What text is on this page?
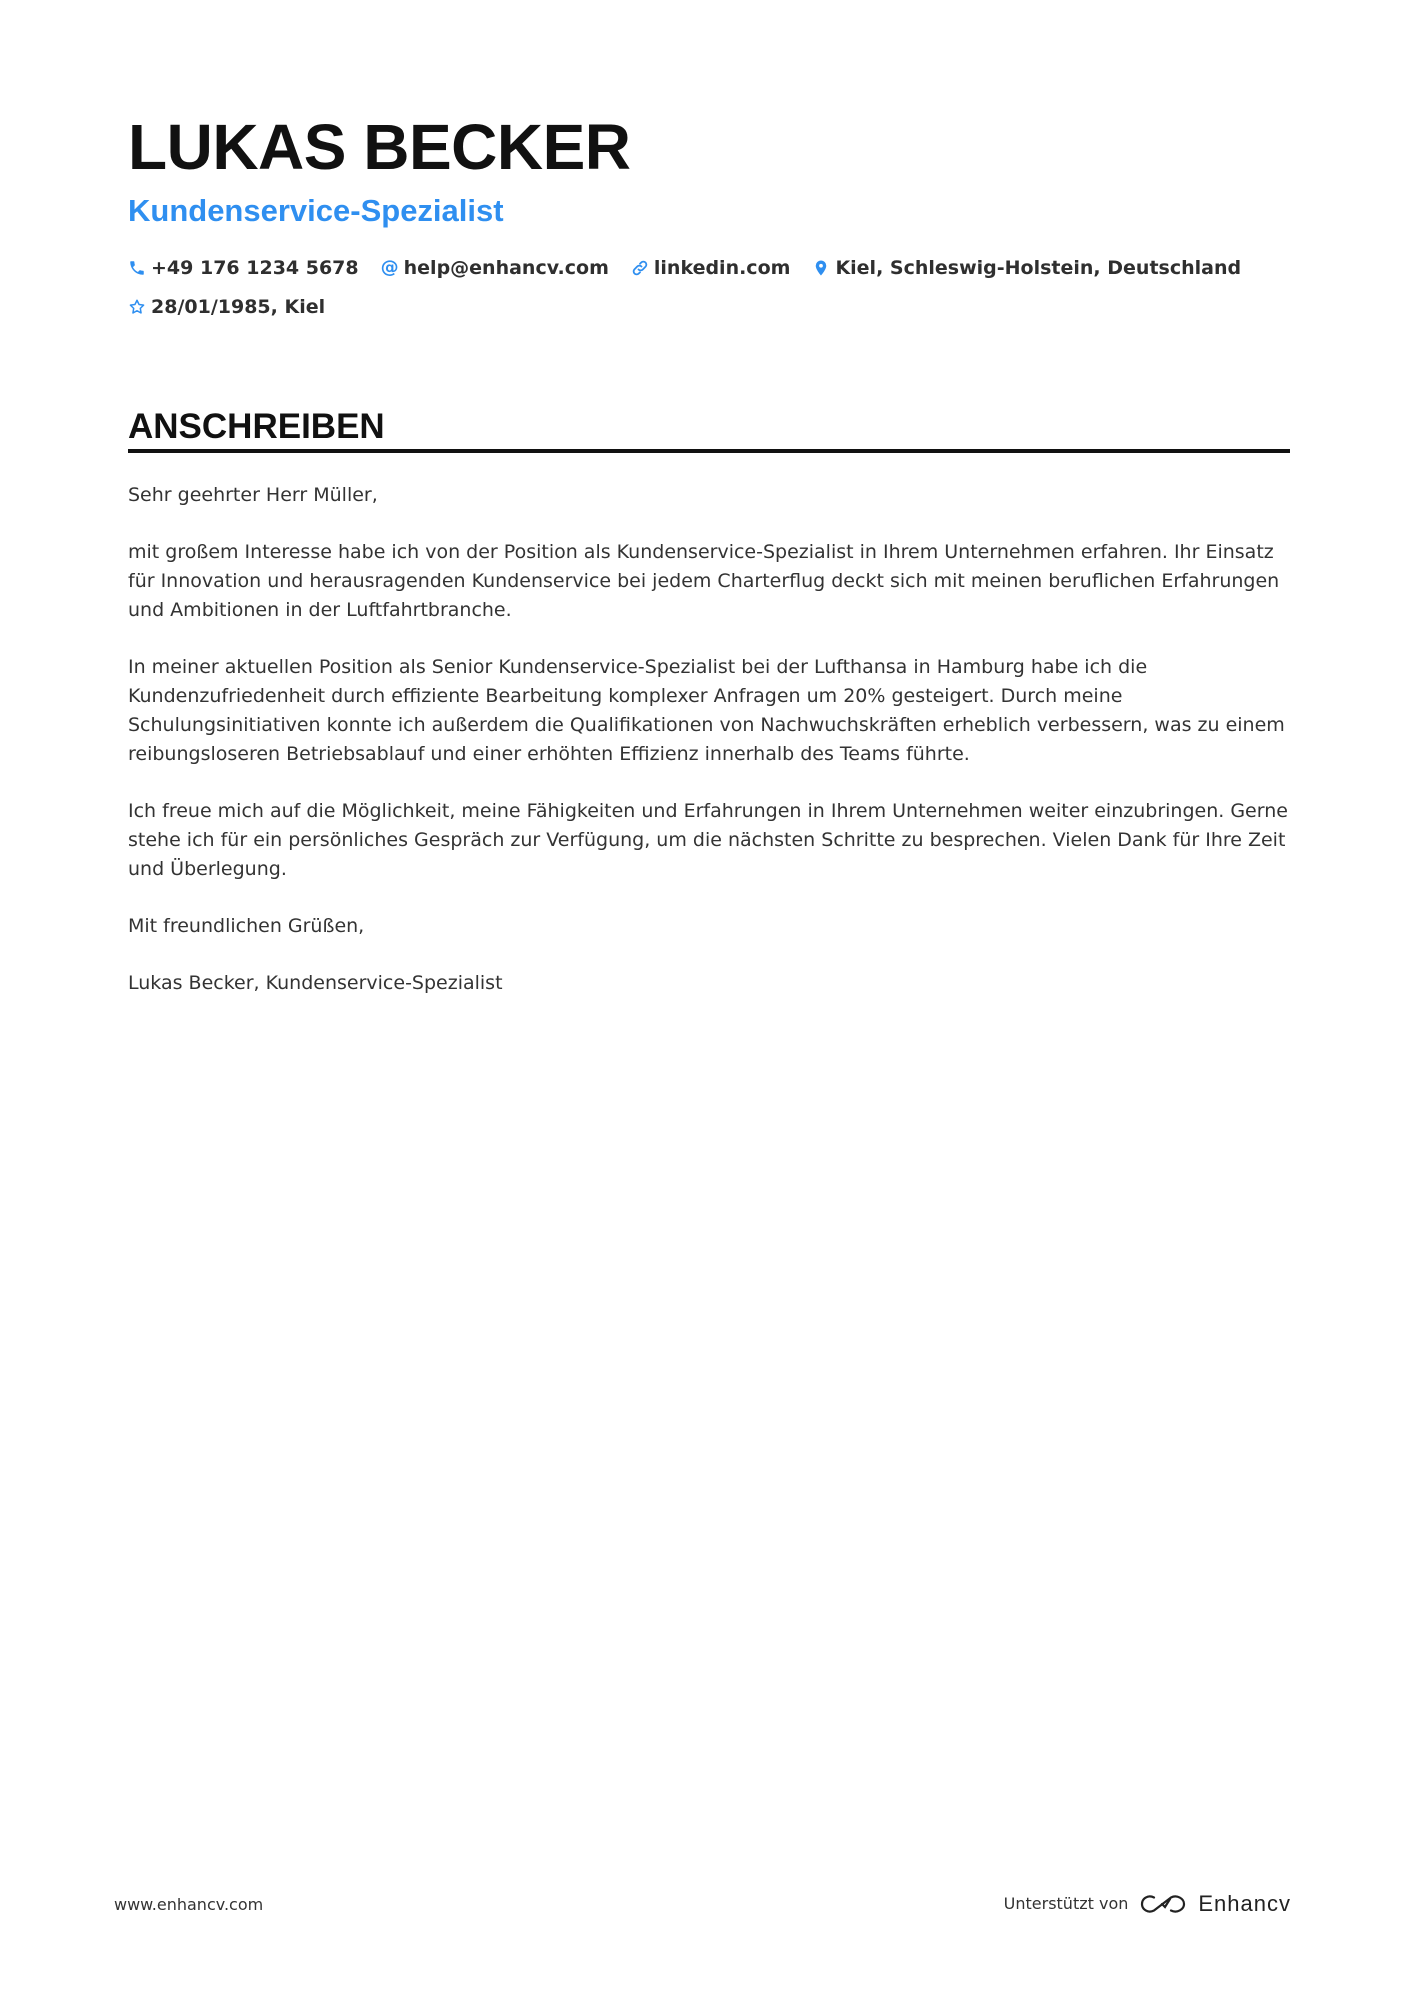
LUKAS BECKER
Kundenservice-Spezialist
+49 176 1234 5678 @ help@enhancv.com linkedin.com Kiel, Schleswig-Holstein, Deutschland
28/01/1985, Kiel
ANSCHREIBEN

Sehr geehrter Herr Müller,

mit großem Interesse habe ich von der Position als Kundenservice-Spezialist in Ihrem Unternehmen erfahren. Ihr Einsatz für Innovation und herausragenden Kundenservice bei jedem Charterflug deckt sich mit meinen beruflichen Erfahrungen und Ambitionen in der Luftfahrtbranche.

In meiner aktuellen Position als Senior Kundenservice-Spezialist bei der Lufthansa in Hamburg habe ich die Kundenzufriedenheit durch effiziente Bearbeitung komplexer Anfragen um 20% gesteigert. Durch meine Schulungsinitiativen konnte ich außerdem die Qualifikationen von Nachwuchskräften erheblich verbessern, was zu einem reibungsloseren Betriebsablauf und einer erhöhten Effizienz innerhalb des Teams führte.

Ich freue mich auf die Möglichkeit, meine Fähigkeiten und Erfahrungen in Ihrem Unternehmen weiter einzubringen. Gerne stehe ich für ein persönliches Gespräch zur Verfügung, um die nächsten Schritte zu besprechen. Vielen Dank für Ihre Zeit und Überlegung.

Mit freundlichen Grüßen,

Lukas Becker, Kundenservice-Spezialist

www.enhancv.com	Unterstützt von	Enhancv
